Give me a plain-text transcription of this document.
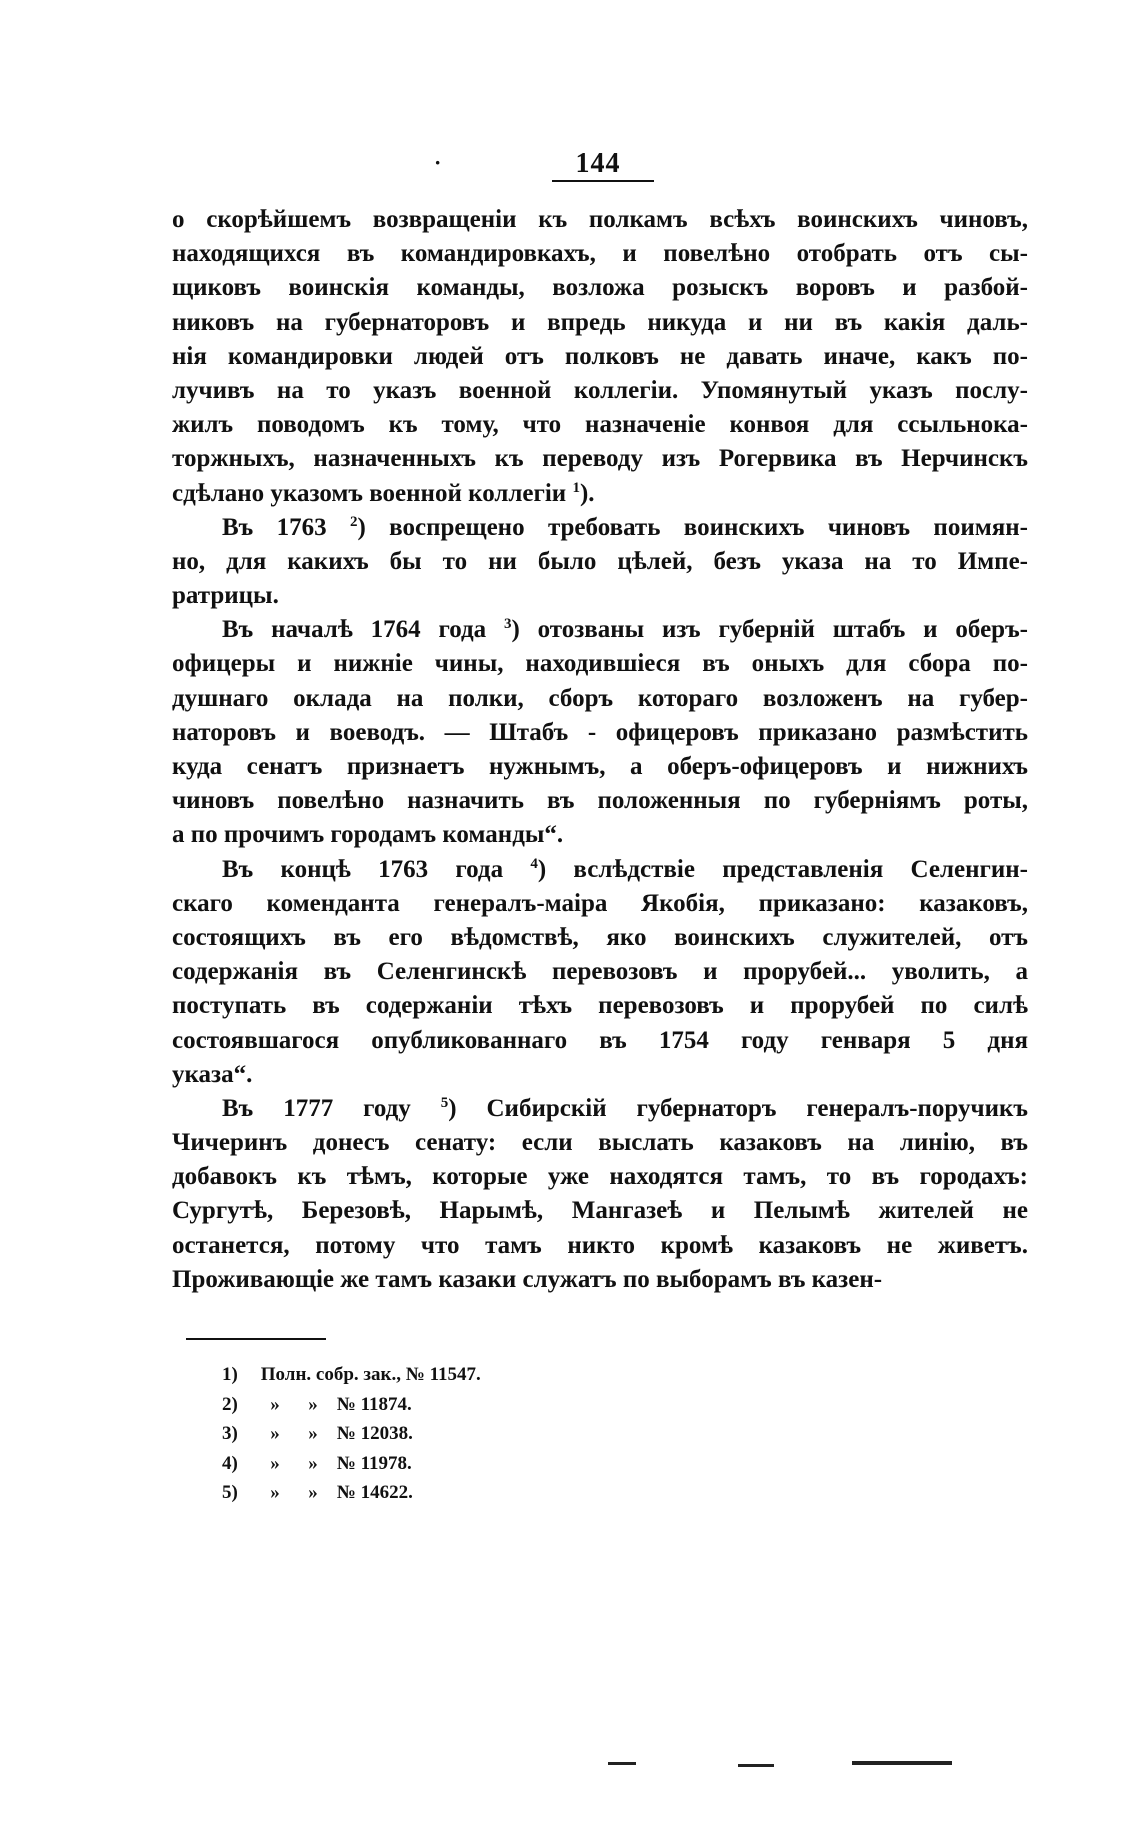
·	144
о скорѣйшемъ возвращеніи къ полкамъ всѣхъ воинскихъ чиновъ,
находящихся въ командировкахъ, и повелѣно отобрать отъ сы-
щиковъ воинскія команды, возложа розыскъ воровъ и разбой-
никовъ на губернаторовъ и впредь никуда и ни въ какія даль-
нія командировки людей отъ полковъ не давать иначе, какъ по-
лучивъ на то указъ военной коллегіи. Упомянутый указъ послу-
жилъ поводомъ къ тому, что назначеніе конвоя для ссыльнока-
торжныхъ, назначенныхъ къ переводу изъ Рогервика въ Нерчинскъ
сдѣлано указомъ военной коллегіи $^1$).
Въ 1763 $^2$) воспрещено требовать воинскихъ чиновъ поимян-
но, для какихъ бы то ни было цѣлей, безъ указа на то Импе-
ратрицы.
Въ началѣ 1764 года $^3$) отозваны изъ губерній штабъ и оберъ-
офицеры и нижніе чины, находившіеся въ оныхъ для сбора по-
душнаго оклада на полки, сборъ котораго возложенъ на губер-
наторовъ и воеводъ. — Штабъ - офицеровъ приказано размѣстить
куда сенатъ признаетъ нужнымъ, а оберъ-офицеровъ и нижнихъ
чиновъ повелѣно назначить въ положенныя по губерніямъ роты,
а по прочимъ городамъ команды“.
Въ концѣ 1763 года $^4$) вслѣдствіе представленія Селенгин-
скаго коменданта генералъ-маіра Якобія, приказано: казаковъ,
состоящихъ въ его вѣдомствѣ, яко воинскихъ служителей, отъ
содержанія въ Селенгинскѣ перевозовъ и прорубей... уволить, а
поступать въ содержаніи тѣхъ перевозовъ и прорубей по силѣ
состоявшагося опубликованнаго въ 1754 году генваря 5 дня
указа“.
Въ 1777 году $^5$) Сибирскій губернаторъ генералъ-поручикъ
Чичеринъ донесъ сенату: если выслать казаковъ на линію, въ
добавокъ къ тѣмъ, которые уже находятся тамъ, то въ городахъ:
Сургутѣ, Березовѣ, Нарымѣ, Мангазеѣ и Пелымѣ жителей не
останется, потому что тамъ никто кромѣ казаковъ не живетъ.
Проживающіе же тамъ казаки служатъ по выборамъ въ казен-
1) Полн. собр. зак., № 11547.
2) » » № 11874.
3) » » № 12038.
4) » » № 11978.
5) » » № 14622.
